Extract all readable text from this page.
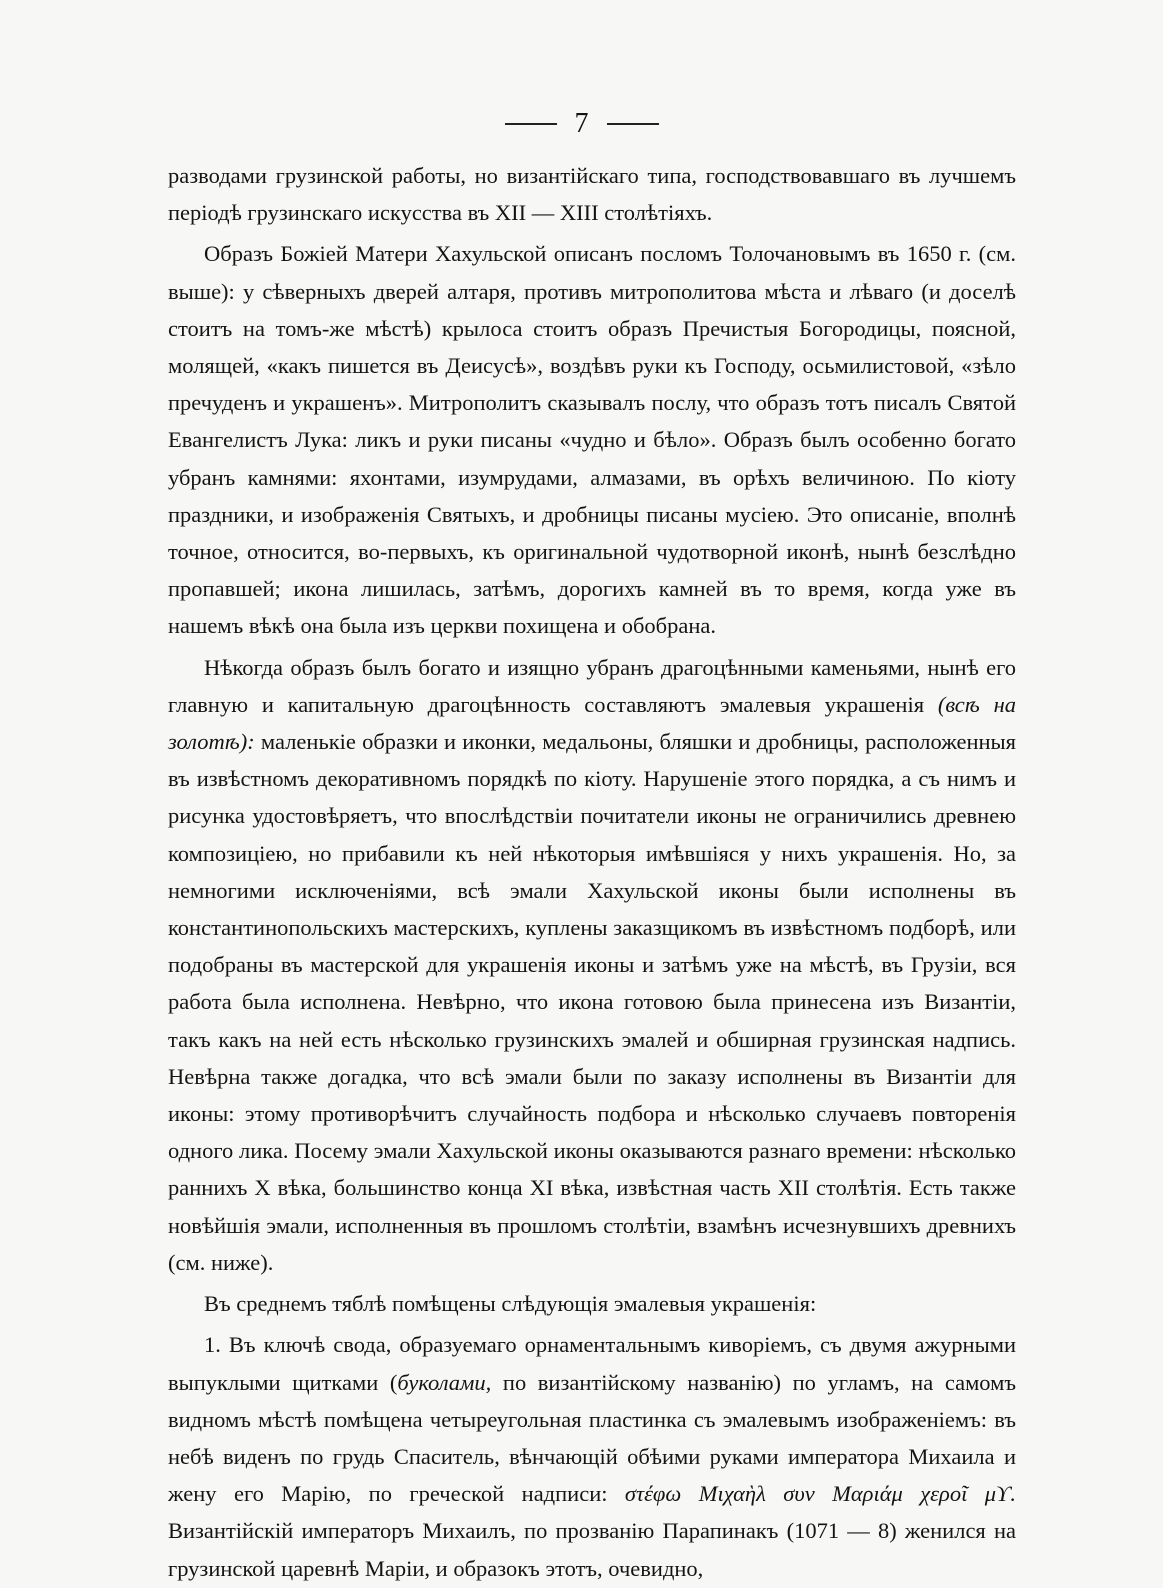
7

разводами грузинской работы, но византійскаго типа, господствовавшаго въ лучшемъ періодѣ грузинскаго искусства въ XII — XIII столѣтіяхъ.

Образъ Божіей Матери Хахульской описанъ посломъ Толочановымъ въ 1650 г. (см. выше): у сѣверныхъ дверей алтаря, противъ митрополитова мѣста и лѣваго (и доселѣ стоитъ на томъ-же мѣстѣ) крылоса стоитъ образъ Пречистыя Богородицы, поясной, молящей, «какъ пишется въ Деисусѣ», воздѣвъ руки къ Господу, осьмилистовой, «зѣло пречуденъ и украшенъ». Митрополитъ сказывалъ послу, что образъ тотъ писалъ Святой Евангелистъ Лука: ликъ и руки писаны «чудно и бѣло». Образъ былъ особенно богато убранъ камнями: яхонтами, изумрудами, алмазами, въ орѣхъ величиною. По кіоту праздники, и изображенія Святыхъ, и дробницы писаны мусіею. Это описаніе, вполнѣ точное, относится, во-первыхъ, къ оригинальной чудотворной иконѣ, нынѣ безслѣдно пропавшей; икона лишилась, затѣмъ, дорогихъ камней въ то время, когда уже въ нашемъ вѣкѣ она была изъ церкви похищена и обобрана.

Нѣкогда образъ былъ богато и изящно убранъ драгоцѣнными каменьями, нынѣ его главную и капитальную драгоцѣнность составляютъ эмалевыя украшенія (всѣ на золотѣ): маленькіе образки и иконки, медальоны, бляшки и дробницы, расположенныя въ извѣстномъ декоративномъ порядкѣ по кіоту. Нарушеніе этого порядка, а съ нимъ и рисунка удостовѣряетъ, что впослѣдствіи почитатели иконы не ограничились древнею композиціею, но прибавили къ ней нѣкоторыя имѣвшіяся у нихъ украшенія. Но, за немногими исключеніями, всѣ эмали Хахульской иконы были исполнены въ константинопольскихъ мастерскихъ, куплены заказщикомъ въ извѣстномъ подборѣ, или подобраны въ мастерской для украшенія иконы и затѣмъ уже на мѣстѣ, въ Грузіи, вся работа была исполнена. Невѣрно, что икона готовою была принесена изъ Византіи, такъ какъ на ней есть нѣсколько грузинскихъ эмалей и обширная грузинская надпись. Невѣрна также догадка, что всѣ эмали были по заказу исполнены въ Византіи для иконы: этому противорѣчитъ случайность подбора и нѣсколько случаевъ повторенія одного лика. Посему эмали Хахульской иконы оказываются разнаго времени: нѣсколько раннихъ X вѣка, большинство конца XI вѣка, извѣстная часть XII столѣтія. Есть также новѣйшія эмали, исполненныя въ прошломъ столѣтіи, взамѣнъ исчезнувшихъ древнихъ (см. ниже).

Въ среднемъ тяблѣ помѣщены слѣдующія эмалевыя украшенія:

1. Въ ключѣ свода, образуемаго орнаментальнымъ киворіемъ, съ двумя ажурными выпуклыми щитками (буколами, по византійскому названію) по угламъ, на самомъ видномъ мѣстѣ помѣщена четыреугольная пластинка съ эмалевымъ изображеніемъ: въ небѣ виденъ по грудь Спаситель, вѣнчающій обѣими руками императора Михаила и жену его Марію, по греческой надписи: στέφω Μιχαὴλ συν Μαριάμ χεροῖ μϒ. Византійскій императоръ Михаилъ, по прозванію Парапинакъ (1071 — 8) женился на грузинской царевнѣ Маріи, и образокъ этотъ, очевидно,
